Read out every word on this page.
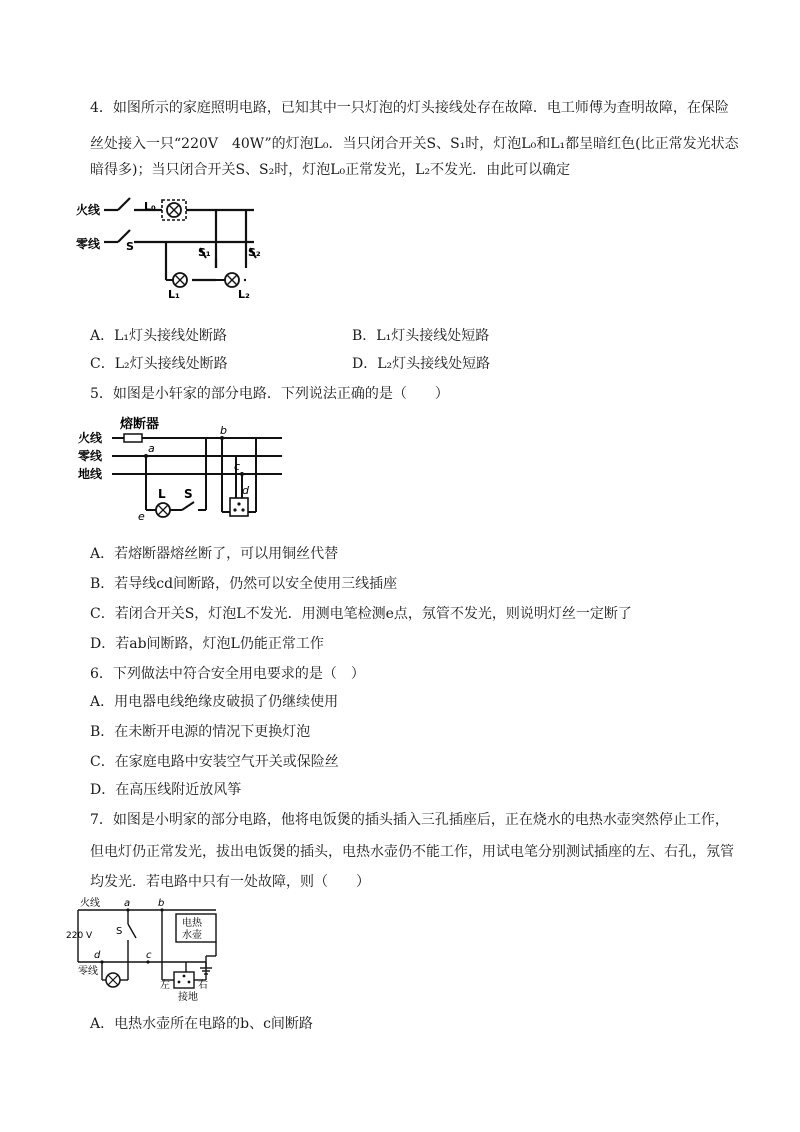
4．如图所示的家庭照明电路，已知其中一只灯泡的灯头接线处存在故障．电工师傅为查明故障，在保险
丝处接入一只“220V　40W”的灯泡L₀．当只闭合开关S、S₁时，灯泡L₀和L₁都呈暗红色(比正常发光状态
暗得多)；当只闭合开关S、S₂时，灯泡L₀正常发光，L₂不发光．由此可以确定
火线
零线 S
L₀
S₁	S₂
L₁	L₂
A．L₁灯头接线处断路	B．L₁灯头接线处短路
C．L₂灯头接线处断路	D．L₂灯头接线处短路
5．如图是小轩家的部分电路．下列说法正确的是（　　）
熔断器
火线
零线
地线
a
b
c
d
e
L S
A．若熔断器熔丝断了，可以用铜丝代替
B．若导线cd间断路，仍然可以安全使用三线插座
C．若闭合开关S，灯泡L不发光．用测电笔检测e点，氖管不发光，则说明灯丝一定断了
D．若ab间断路，灯泡L仍能正常工作
6．下列做法中符合安全用电要求的是（　）
A．用电器电线绝缘皮破损了仍继续使用
B．在未断开电源的情况下更换灯泡
C．在家庭电路中安装空气开关或保险丝
D．在高压线附近放风筝
7．如图是小明家的部分电路，他将电饭煲的插头插入三孔插座后，正在烧水的电热水壶突然停止工作，
但电灯仍正常发光，拔出电饭煲的插头，电热水壶仍不能工作，用试电笔分别测试插座的左、右孔，氖管
均发光．若电路中只有一处故障，则（　　）
火线
220 V
零线
a	b
c
d
S
电热
水壶
左	右
接地
A．电热水壶所在电路的b、c间断路
